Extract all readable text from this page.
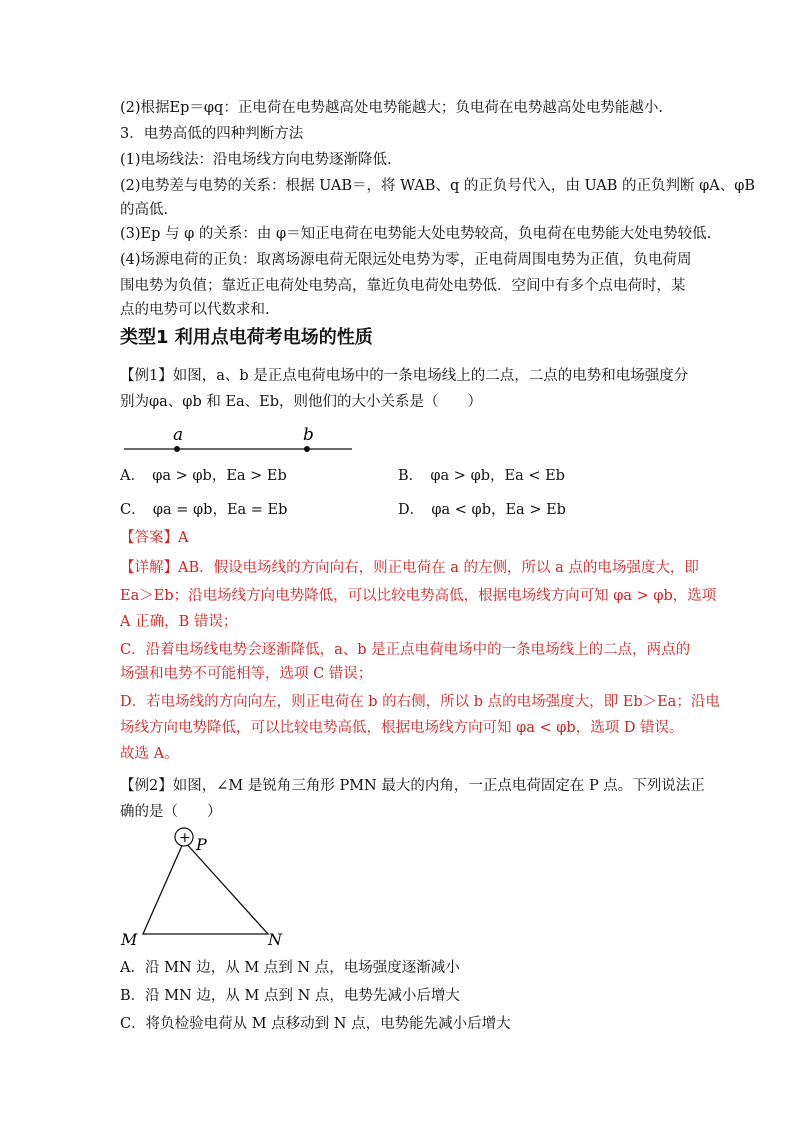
(2)根据Ep＝φq：正电荷在电势越高处电势能越大；负电荷在电势越高处电势能越小.
3．电势高低的四种判断方法
(1)电场线法：沿电场线方向电势逐渐降低.
(2)电势差与电势的关系：根据 UAB＝，将 WAB、q 的正负号代入，由 UAB 的正负判断 φA、φB
的高低.
(3)Ep 与 φ 的关系：由 φ＝知正电荷在电势能大处电势较高，负电荷在电势能大处电势较低.
(4)场源电荷的正负：取离场源电荷无限远处电势为零，正电荷周围电势为正值，负电荷周
围电势为负值；靠近正电荷处电势高，靠近负电荷处电势低．空间中有多个点电荷时，某
点的电势可以代数求和.
类型1 利用点电荷考电场的性质
【例1】如图，a、b 是正点电荷电场中的一条电场线上的二点，二点的电势和电场强度分
别为φa、φb 和 Ea、Eb，则他们的大小关系是（　　）
a	b
A．　φa > φb，Ea > Eb	B．　φa > φb，Ea < Eb
C．　φa = φb，Ea = Eb	D．　φa < φb，Ea > Eb
【答案】A
【详解】AB．假设电场线的方向向右，则正电荷在 a 的左侧，所以 a 点的电场强度大，即
Ea＞Eb；沿电场线方向电势降低，可以比较电势高低，根据电场线方向可知 φa > φb，选项
A 正确，B 错误；
C．沿着电场线电势会逐渐降低，a、b 是正点电荷电场中的一条电场线上的二点，两点的
场强和电势不可能相等，选项 C 错误；
D．若电场线的方向向左，则正电荷在 b 的右侧，所以 b 点的电场强度大，即 Eb＞Ea；沿电
场线方向电势降低，可以比较电势高低，根据电场线方向可知 φa < φb，选项 D 错误。
故选 A。
【例2】如图，∠M 是锐角三角形 PMN 最大的内角，一正点电荷固定在 P 点。下列说法正
确的是（　　）
+ P
M	N
A．沿 MN 边，从 M 点到 N 点，电场强度逐渐减小
B．沿 MN 边，从 M 点到 N 点，电势先减小后增大
C．将负检验电荷从 M 点移动到 N 点，电势能先减小后增大
